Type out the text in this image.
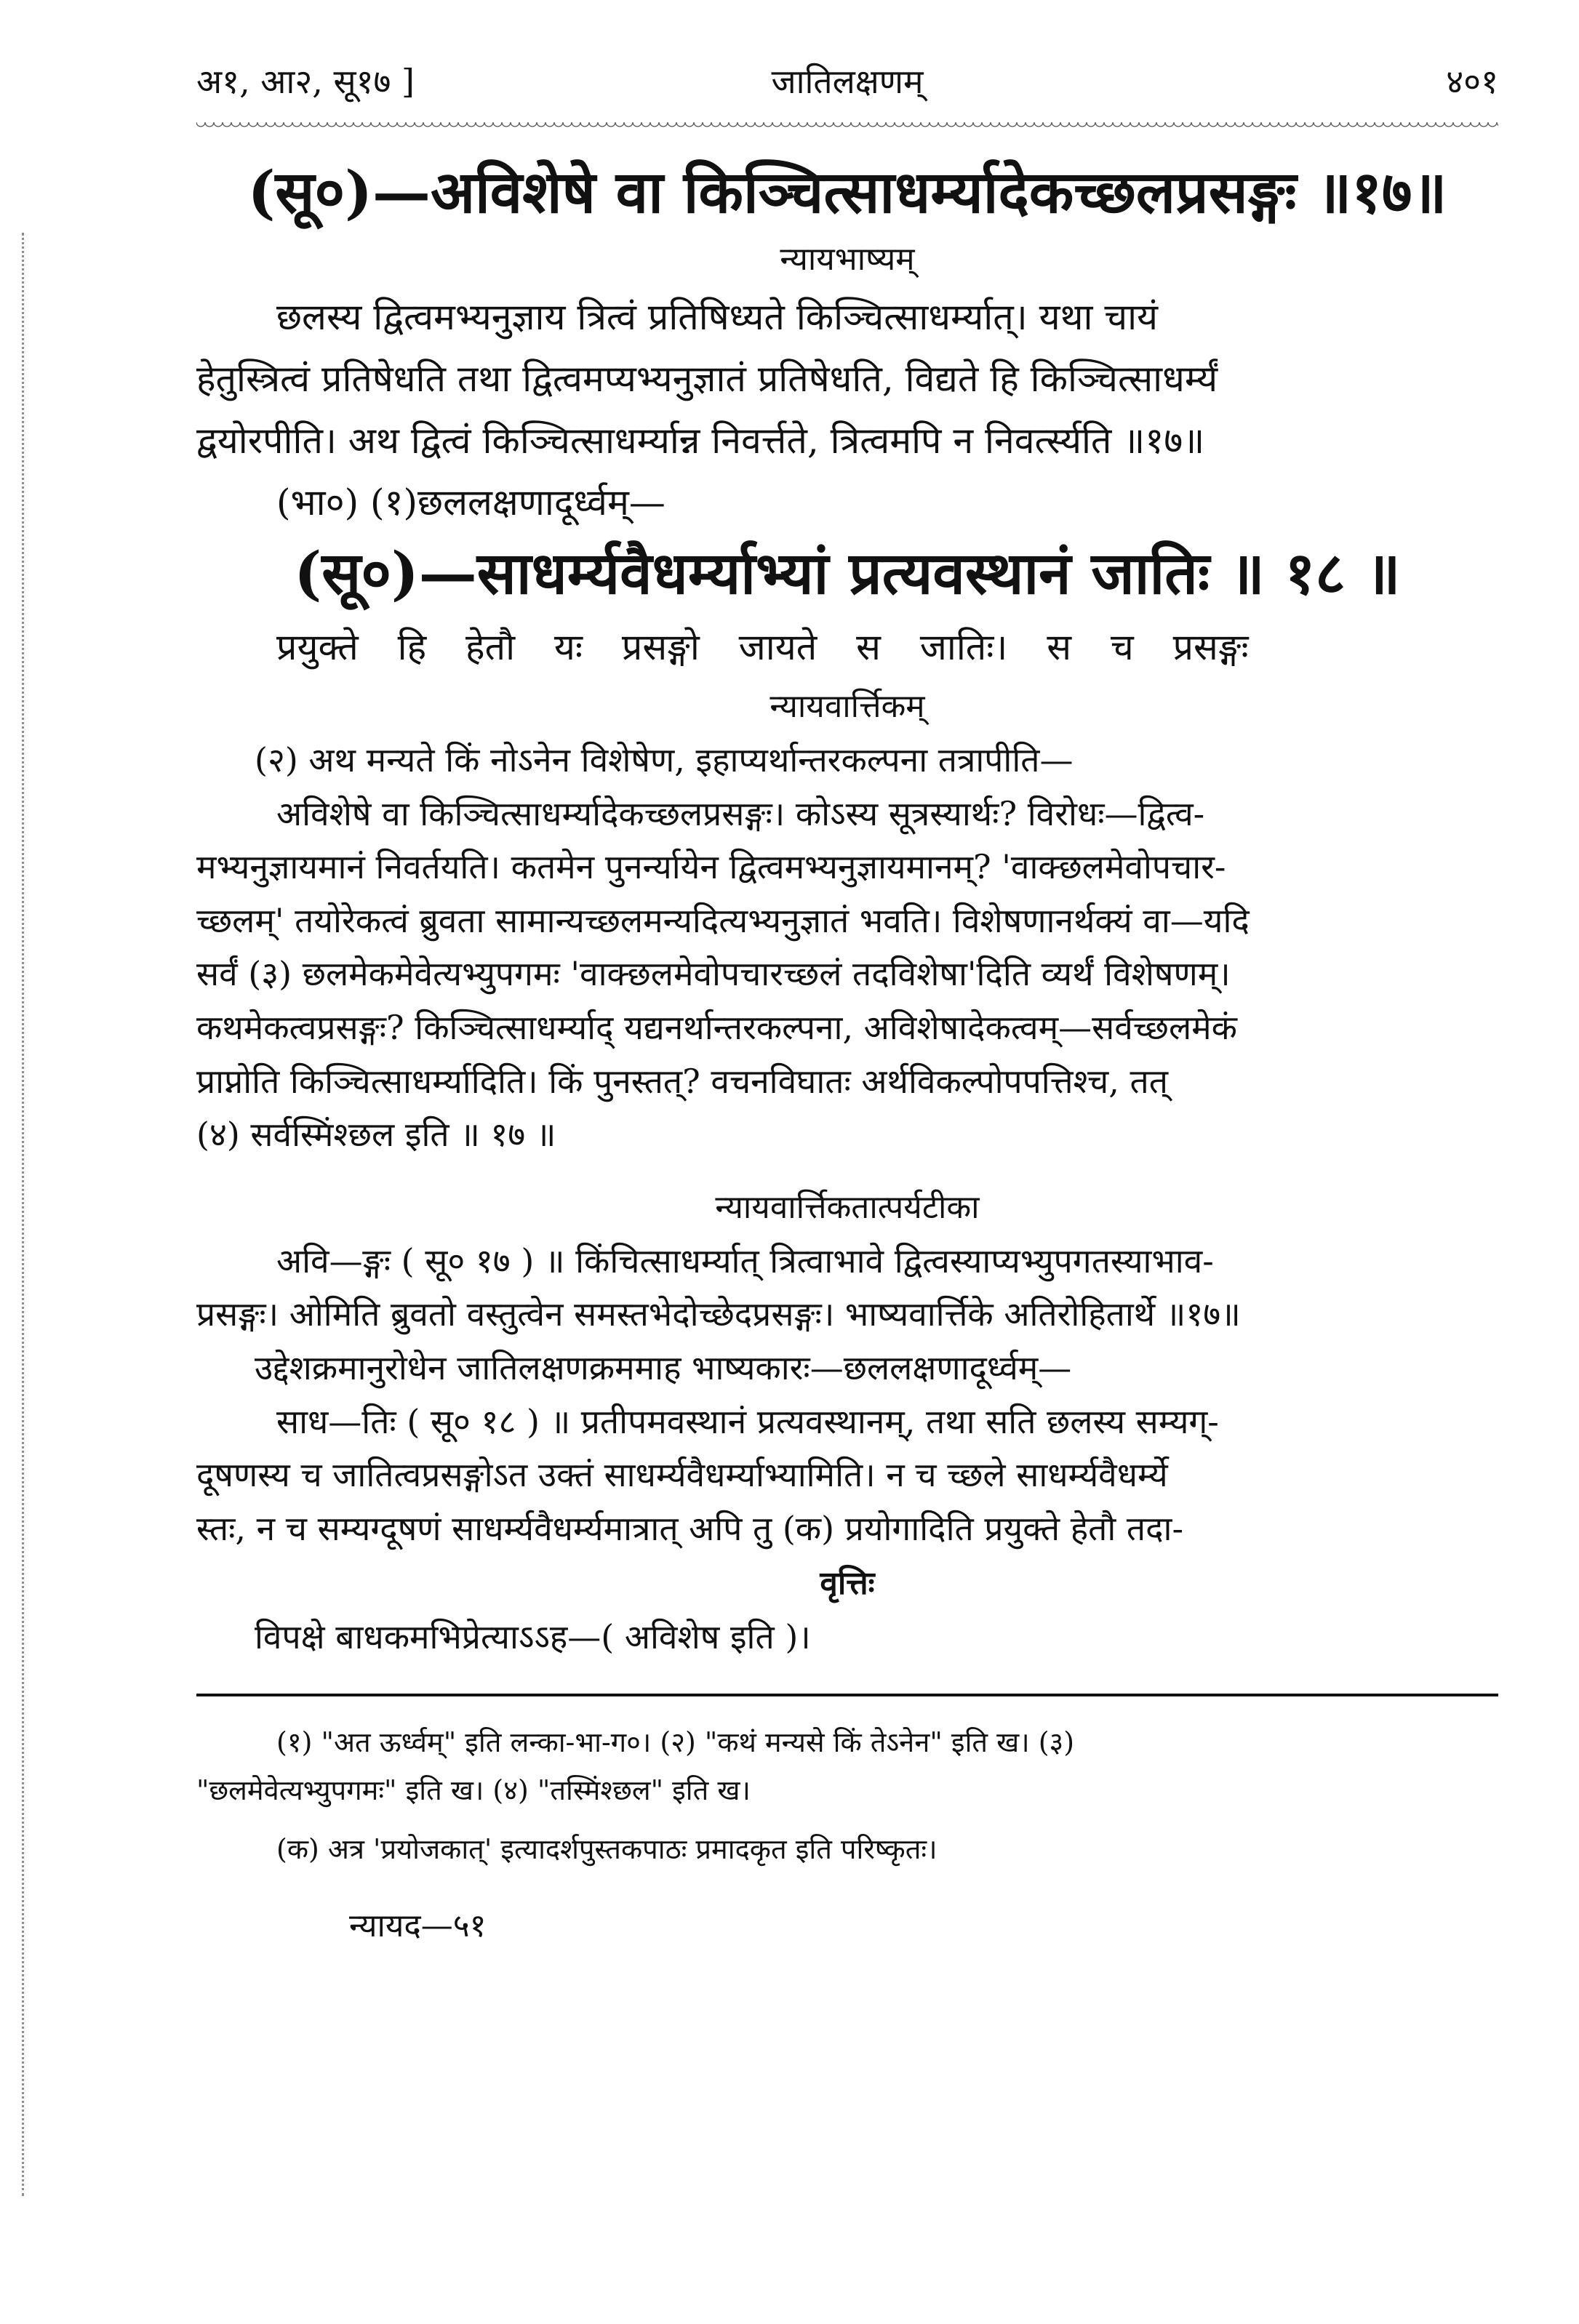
अ१, आ२, सू१७ ]	जातिलक्षणम्	४०१
(सू०)—अविशेषे वा किञ्चित्साधर्म्यादेकच्छलप्रसङ्गः ॥१७॥
न्यायभाष्यम्

छलस्य द्वित्वमभ्यनुज्ञाय त्रित्वं प्रतिषिध्यते किञ्चित्साधर्म्यात्। यथा चायं

हेतुस्त्रित्वं प्रतिषेधति तथा द्वित्वमप्यभ्यनुज्ञातं प्रतिषेधति, विद्यते हि किञ्चित्साधर्म्यं

द्वयोरपीति। अथ द्वित्वं किञ्चित्साधर्म्यान्न निवर्त्तते, त्रित्वमपि न निवर्त्स्यति ॥१७॥

(भा०) (१)छललक्षणादूर्ध्वम्—

(सू०)—साधर्म्यवैधर्म्याभ्यां प्रत्यवस्थानं जातिः ॥ १८ ॥

प्रयुक्ते हि हेतौ यः प्रसङ्गो जायते स जातिः। स च प्रसङ्गः

न्यायवार्त्तिकम्

(२) अथ मन्यते किं नोऽनेन विशेषेण, इहाप्यर्थान्तरकल्पना तत्रापीति—

अविशेषे वा किञ्चित्साधर्म्यादेकच्छलप्रसङ्गः। कोऽस्य सूत्रस्यार्थः? विरोधः—द्वित्व-

मभ्यनुज्ञायमानं निवर्तयति। कतमेन पुनर्न्यायेन द्वित्वमभ्यनुज्ञायमानम्? 'वाक्छलमेवोपचार-

च्छलम्' तयोरेकत्वं ब्रुवता सामान्यच्छलमन्यदित्यभ्यनुज्ञातं भवति। विशेषणानर्थक्यं वा—यदि

सर्वं (३) छलमेकमेवेत्यभ्युपगमः 'वाक्छलमेवोपचारच्छलं तदविशेषा'दिति व्यर्थं विशेषणम्।

कथमेकत्वप्रसङ्गः? किञ्चित्साधर्म्याद् यद्यनर्थान्तरकल्पना, अविशेषादेकत्वम्—सर्वच्छलमेकं

प्राप्नोति किञ्चित्साधर्म्यादिति। किं पुनस्तत्? वचनविघातः अर्थविकल्पोपपत्तिश्च, तत्

(४) सर्वस्मिंश्छल इति ॥ १७ ॥

न्यायवार्त्तिकतात्पर्यटीका

अवि—ङ्गः ( सू० १७ ) ॥ किंचित्साधर्म्यात् त्रित्वाभावे द्वित्वस्याप्यभ्युपगतस्याभाव-

प्रसङ्गः। ओमिति ब्रुवतो वस्तुत्वेन समस्तभेदोच्छेदप्रसङ्गः। भाष्यवार्त्तिके अतिरोहितार्थे ॥१७॥

उद्देशक्रमानुरोधेन जातिलक्षणक्रममाह भाष्यकारः—छललक्षणादूर्ध्वम्—

साध—तिः ( सू० १८ ) ॥ प्रतीपमवस्थानं प्रत्यवस्थानम्, तथा सति छलस्य सम्यग्-

दूषणस्य च जातित्वप्रसङ्गोऽत उक्तं साधर्म्यवैधर्म्याभ्यामिति। न च च्छले साधर्म्यवैधर्म्ये

स्तः, न च सम्यग्दूषणं साधर्म्यवैधर्म्यमात्रात् अपि तु (क) प्रयोगादिति प्रयुक्ते हेतौ तदा-

वृत्तिः

विपक्षे बाधकमभिप्रेत्याऽऽह—( अविशेष इति )।

(१) "अत ऊर्ध्वम्" इति लन्का-भा-ग०। (२) "कथं मन्यसे किं तेऽनेन" इति ख। (३)

"छलमेवेत्यभ्युपगमः" इति ख। (४) "तस्मिंश्छल" इति ख।

(क) अत्र 'प्रयोजकात्' इत्यादर्शपुस्तकपाठः प्रमादकृत इति परिष्कृतः।

न्यायद—५१
